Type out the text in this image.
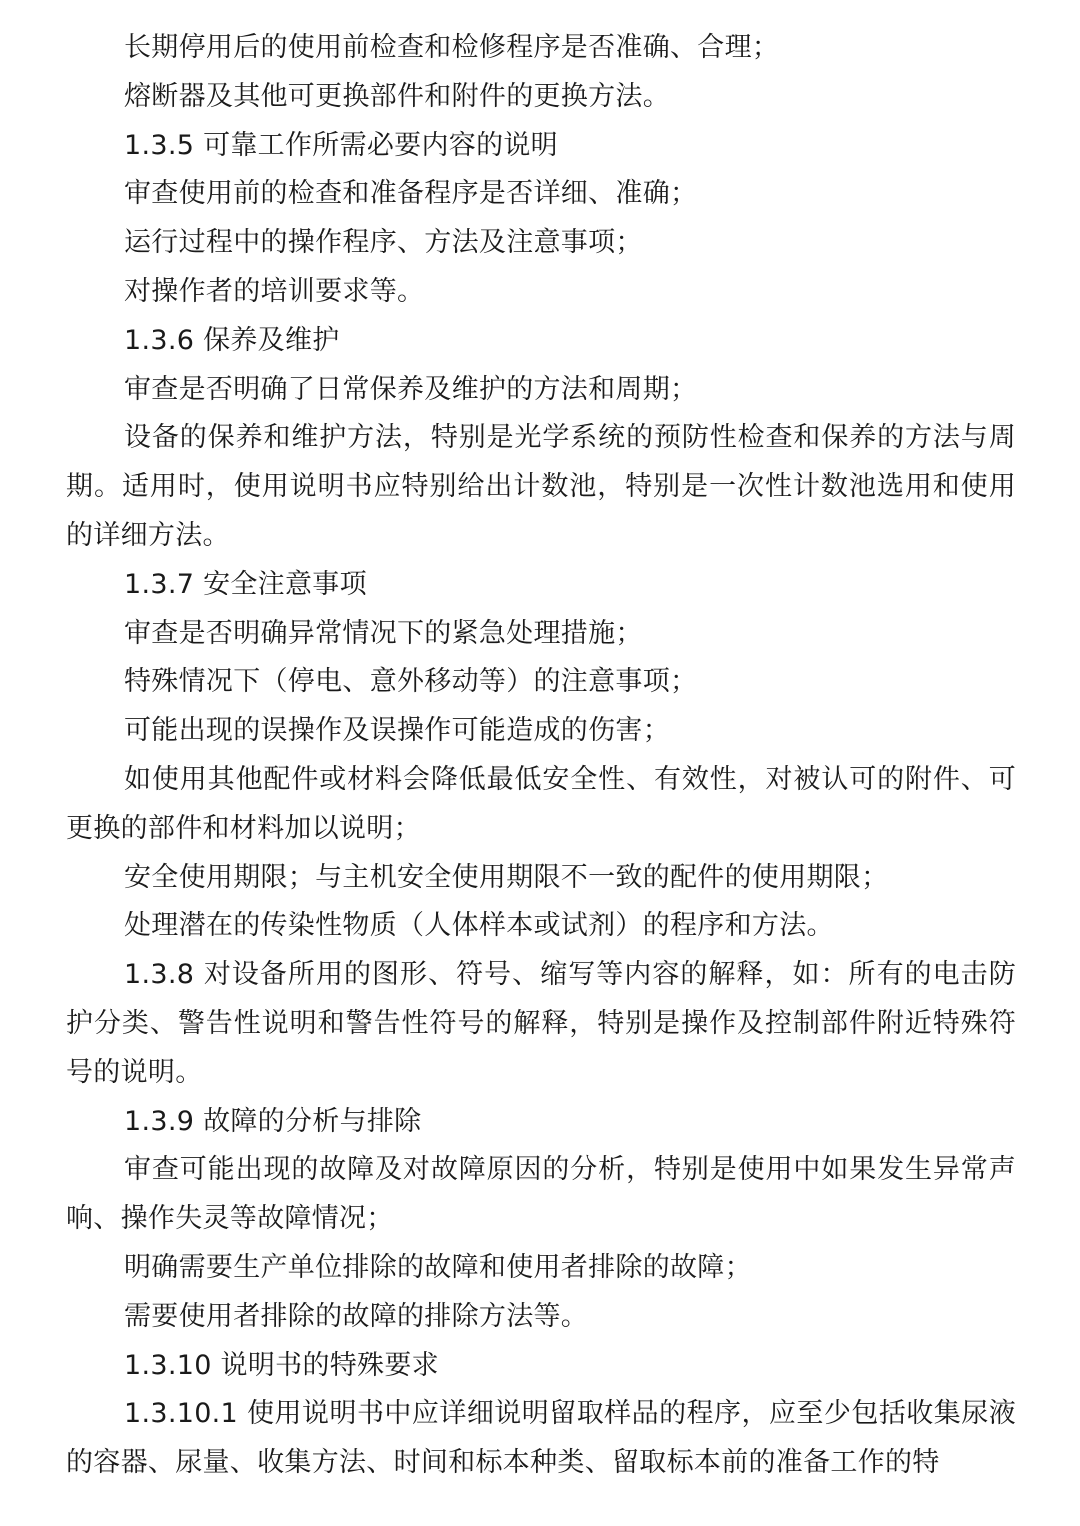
长期停用后的使用前检查和检修程序是否准确、合理；

熔断器及其他可更换部件和附件的更换方法。

1.3.5 可靠工作所需必要内容的说明

审查使用前的检查和准备程序是否详细、准确；

运行过程中的操作程序、方法及注意事项；

对操作者的培训要求等。

1.3.6 保养及维护

审查是否明确了日常保养及维护的方法和周期；

设备的保养和维护方法，特别是光学系统的预防性检查和保养的方法与周期。适用时，使用说明书应特别给出计数池，特别是一次性计数池选用和使用的详细方法。

1.3.7 安全注意事项

审查是否明确异常情况下的紧急处理措施；

特殊情况下（停电、意外移动等）的注意事项；

可能出现的误操作及误操作可能造成的伤害；

如使用其他配件或材料会降低最低安全性、有效性，对被认可的附件、可更换的部件和材料加以说明；

安全使用期限；与主机安全使用期限不一致的配件的使用期限；

处理潜在的传染性物质（人体样本或试剂）的程序和方法。

1.3.8 对设备所用的图形、符号、缩写等内容的解释，如：所有的电击防护分类、警告性说明和警告性符号的解释，特别是操作及控制部件附近特殊符号的说明。

1.3.9 故障的分析与排除

审查可能出现的故障及对故障原因的分析，特别是使用中如果发生异常声响、操作失灵等故障情况；

明确需要生产单位排除的故障和使用者排除的故障；

需要使用者排除的故障的排除方法等。

1.3.10 说明书的特殊要求

1.3.10.1 使用说明书中应详细说明留取样品的程序，应至少包括收集尿液的容器、尿量、收集方法、时间和标本种类、留取标本前的准备工作的特
